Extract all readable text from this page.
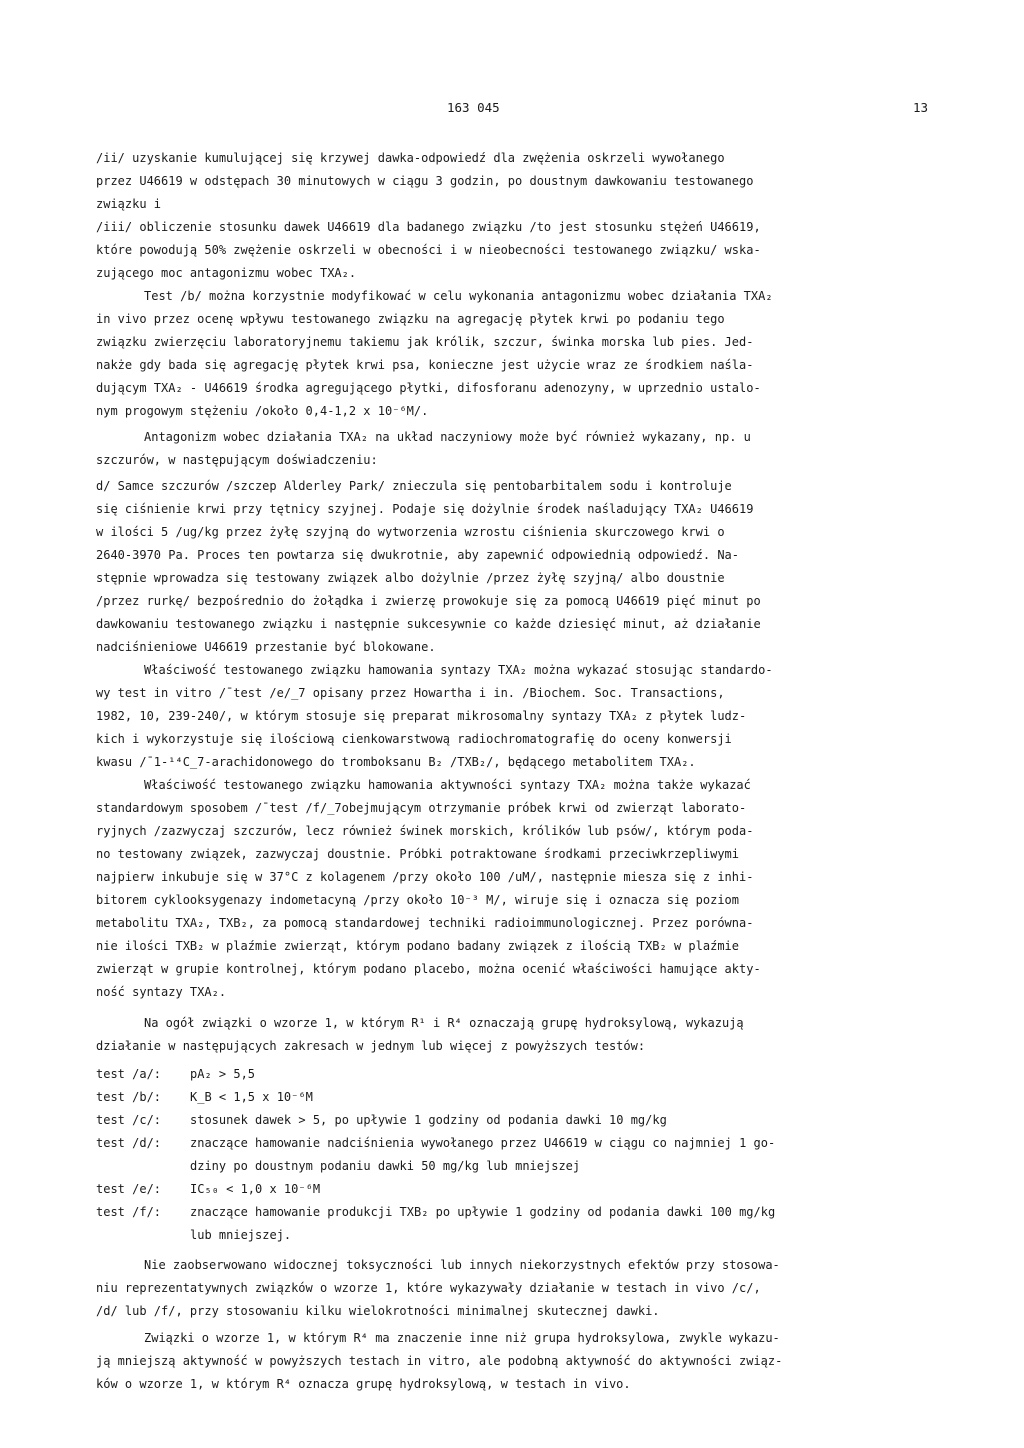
163 045	13
/ii/ uzyskanie kumulującej się krzywej dawka-odpowiedź dla zwężenia oskrzeli wywołanego
przez U46619 w odstępach 30 minutowych w ciągu 3 godzin, po doustnym dawkowaniu testowanego
związku i
/iii/ obliczenie stosunku dawek U46619 dla badanego związku /to jest stosunku stężeń U46619,
które powodują 50% zwężenie oskrzeli w obecności i w nieobecności testowanego związku/ wska-
zującego moc antagonizmu wobec TXA₂.
Test /b/ można korzystnie modyfikować w celu wykonania antagonizmu wobec działania TXA₂
in vivo przez ocenę wpływu testowanego związku na agregację płytek krwi po podaniu tego
związku zwierzęciu laboratoryjnemu takiemu jak królik, szczur, świnka morska lub pies. Jed-
nakże gdy bada się agregację płytek krwi psa, konieczne jest użycie wraz ze środkiem naśla-
dującym TXA₂ - U46619 środka agregującego płytki, difosforanu adenozyny, w uprzednio ustalo-
nym progowym stężeniu /około 0,4-1,2 x 10⁻⁶M/.
Antagonizm wobec działania TXA₂ na układ naczyniowy może być również wykazany, np. u
szczurów, w następującym doświadczeniu:
d/ Samce szczurów /szczep Alderley Park/ znieczula się pentobarbitalem sodu i kontroluje
się ciśnienie krwi przy tętnicy szyjnej. Podaje się dożylnie środek naśladujący TXA₂ U46619
w ilości 5 /ug/kg przez żyłę szyjną do wytworzenia wzrostu ciśnienia skurczowego krwi o
2640-3970 Pa. Proces ten powtarza się dwukrotnie, aby zapewnić odpowiednią odpowiedź. Na-
stępnie wprowadza się testowany związek albo dożylnie /przez żyłę szyjną/ albo doustnie
/przez rurkę/ bezpośrednio do żołądka i zwierzę prowokuje się za pomocą U46619 pięć minut po
dawkowaniu testowanego związku i następnie sukcesywnie co każde dziesięć minut, aż działanie
nadciśnieniowe U46619 przestanie być blokowane.
Właściwość testowanego związku hamowania syntazy TXA₂ można wykazać stosując standardo-
wy test in vitro /ˉtest /e/_7 opisany przez Howartha i in. /Biochem. Soc. Transactions,
1982, 10, 239-240/, w którym stosuje się preparat mikrosomalny syntazy TXA₂ z płytek ludz-
kich i wykorzystuje się ilościową cienkowarstwową radiochromatografię do oceny konwersji
kwasu /ˉ1-¹⁴C_7-arachidonowego do tromboksanu B₂ /TXB₂/, będącego metabolitem TXA₂.
Właściwość testowanego związku hamowania aktywności syntazy TXA₂ można także wykazać
standardowym sposobem /ˉtest /f/_7obejmującym otrzymanie próbek krwi od zwierząt laborato-
ryjnych /zazwyczaj szczurów, lecz również świnek morskich, królików lub psów/, którym poda-
no testowany związek, zazwyczaj doustnie. Próbki potraktowane środkami przeciwkrzepliwymi
najpierw inkubuje się w 37°C z kolagenem /przy około 100 /uM/, następnie miesza się z inhi-
bitorem cyklooksygenazy indometacyną /przy około 10⁻³ M/, wiruje się i oznacza się poziom
metabolitu TXA₂, TXB₂, za pomocą standardowej techniki radioimmunologicznej. Przez porówna-
nie ilości TXB₂ w plaźmie zwierząt, którym podano badany związek z ilością TXB₂ w plaźmie
zwierząt w grupie kontrolnej, którym podano placebo, można ocenić właściwości hamujące akty-
ność syntazy TXA₂.
Na ogół związki o wzorze 1, w którym R¹ i R⁴ oznaczają grupę hydroksylową, wykazują
działanie w następujących zakresach w jednym lub więcej z powyższych testów:
test /a/: pA₂ > 5,5
test /b/: K_B < 1,5 x 10⁻⁶M
test /c/: stosunek dawek > 5, po upływie 1 godziny od podania dawki 10 mg/kg
test /d/: znaczące hamowanie nadciśnienia wywołanego przez U46619 w ciągu co najmniej 1 go-
dziny po doustnym podaniu dawki 50 mg/kg lub mniejszej
test /e/: IC₅₀ < 1,0 x 10⁻⁶M
test /f/: znaczące hamowanie produkcji TXB₂ po upływie 1 godziny od podania dawki 100 mg/kg
lub mniejszej.
Nie zaobserwowano widocznej toksyczności lub innych niekorzystnych efektów przy stosowa-
niu reprezentatywnych związków o wzorze 1, które wykazywały działanie w testach in vivo /c/,
/d/ lub /f/, przy stosowaniu kilku wielokrotności minimalnej skutecznej dawki.
Związki o wzorze 1, w którym R⁴ ma znaczenie inne niż grupa hydroksylowa, zwykle wykazu-
ją mniejszą aktywność w powyższych testach in vitro, ale podobną aktywność do aktywności związ-
ków o wzorze 1, w którym R⁴ oznacza grupę hydroksylową, w testach in vivo.
